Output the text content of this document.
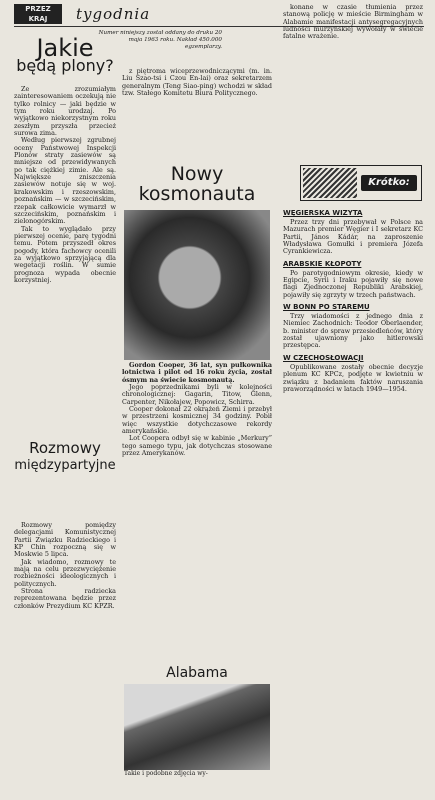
PRZEZ
KRAJ	tygodnia
Numer niniejszy został oddany do druku 20 maja 1963 roku. Nakład 450.000 egzemplarzy.
Jakie
będą plony?

Ze zrozumiałym zainteresowaniem oczekują nie tylko rolnicy — jaki będzie w tym roku urodzaj. Po wyjątkowo niekorzystnym roku zeszłym przyszła przecież surowa zima.

Według pierwszej zgrubnej oceny Państwowej Inspekcji Plonów straty zasiewów są mniejsze od przewidywanych po tak ciężkiej zimie. Ale są. Największe zniszczenia zasiewów notuje się w woj. krakowskim i rzeszowskim, poznańskim — w szczecińskim, rzepak całkowicie wymarzł w szczecińskim, poznańskim i zielonogórskim.

Tak to wyglądało przy pierwszej ocenie, parę tygodni temu. Potem przyszedł okres pogody, która fachowcy ocenili za wyjątkowo sprzyjającą dla wegetacji roślin. W sumie prognoza wypada obecnie korzystniej.

Rozmowy
międzypartyjne

Rozmowy pomiędzy delegacjami Komunistycznej Partii Związku Radzieckiego i KP Chin rozpoczną się w Moskwie 5 lipca.

Jak wiadomo, rozmowy te mają na celu przezwyciężenie rozbieżności ideologicznych i politycznych.

Strona radziecka reprezentowana będzie przez członków Prezydium KC KPZR.

z piętroma wiceprzewodniczącymi (m. in. Liu Szao-tsi i Czou En-lai) oraz sekretarzem generalnym (Teng Siao-ping) wchodzi w skład tzw. Stałego Komitetu Biura Politycznego.

Nowy
kosmonauta

Gordon Cooper, 36 lat, syn pułkownika lotnictwa i pilot od 16 roku życia, został ósmym na świecie kosmonautą.

Jego poprzednikami byli w kolejności chronologicznej: Gagarin, Titow, Glenn, Carpenter, Nikołajew, Popowicz, Schirra.

Cooper dokonał 22 okrążeń Ziemi i przebył w przestrzeni kosmicznej 34 godziny. Pobił więc wszystkie dotychczasowe rekordy amerykańskie.

Lot Coopera odbył się w kabinie „Merkury” tego samego typu, jak dotychczas stosowane przez Amerykanów.

Alabama
Takie i podobne zdjęcia wy-

konane w czasie tłumienia przez stanową policję w mieście Birmingham w Alabamie manifestacji antysegregacyjnych ludności murzyńskiej wywołały w świecie fatalne wrażenie.

Krótko:
WĘGIERSKA WIZYTA

Przez trzy dni przebywał w Polsce na Mazurach premier Węgier i I sekretarz KC Partii, János Kádár, na zaproszenie Władysława Gomułki i premiera Józefa Cyrankiewicza.

ARABSKIE KŁOPOTY

Po parotygodniowym okresie, kiedy w Egipcie, Syrii i Iraku pojawiły się nowe flagi Zjednoczonej Republiki Arabskiej, pojawiły się zgrzyty w trzech państwach.

W BONN PO STAREMU

Trzy wiadomości z jednego dnia z Niemiec Zachodnich: Teodor Oberlaender, b. minister do spraw przesiedleńców, który został ujawniony jako hitlerowski przestępca.

W CZECHOSŁOWACJI

Opublikowane zostały obecnie decyzje plenum KC KPCz, podjęte w kwietniu w związku z badaniem faktów naruszania praworządności w latach 1949—1954.
